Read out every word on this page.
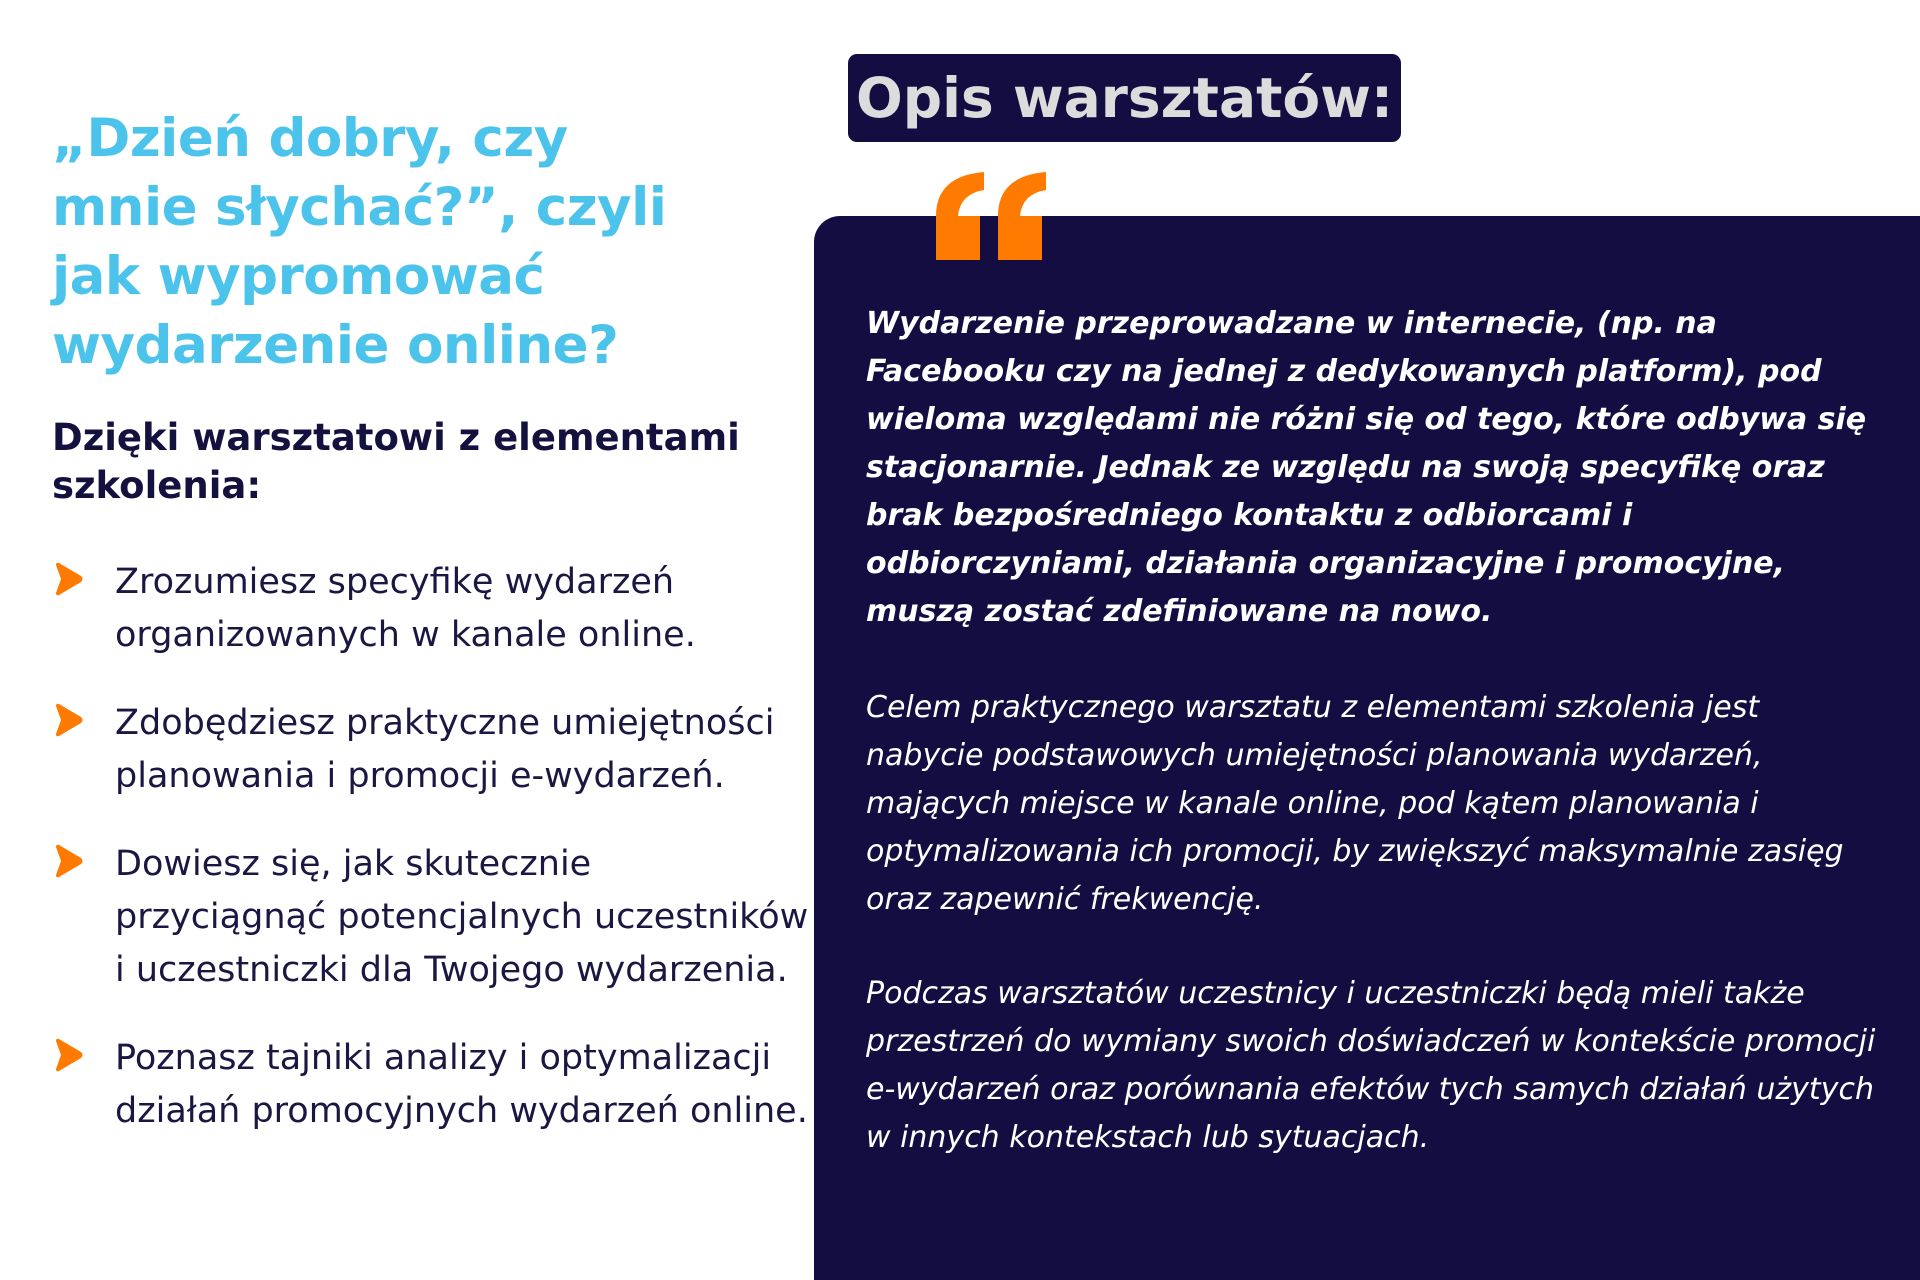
„Dzień dobry, czy mnie słychać?”, czyli jak wypromować wydarzenie online?
Dzięki warsztatowi z elementami szkolenia:
Zrozumiesz specyfikę wydarzeń organizowanych w kanale online.
Zdobędziesz praktyczne umiejętności planowania i promocji e-wydarzeń.
Dowiesz się, jak skutecznie przyciągnąć potencjalnych uczestników i uczestniczki dla Twojego wydarzenia.
Poznasz tajniki analizy i optymalizacji działań promocyjnych wydarzeń online.
Opis warsztatów:

Wydarzenie przeprowadzane w internecie, (np. na Facebooku czy na jednej z dedykowanych platform), pod wieloma względami nie różni się od tego, które odbywa się stacjonarnie. Jednak ze względu na swoją specyfikę oraz brak bezpośredniego kontaktu z odbiorcami i odbiorczyniami, działania organizacyjne i promocyjne, muszą zostać zdefiniowane na nowo.

Celem praktycznego warsztatu z elementami szkolenia jest nabycie podstawowych umiejętności planowania wydarzeń, mających miejsce w kanale online, pod kątem planowania i optymalizowania ich promocji, by zwiększyć maksymalnie zasięg oraz zapewnić frekwencję.

Podczas warsztatów uczestnicy i uczestniczki będą mieli także przestrzeń do wymiany swoich doświadczeń w kontekście promocji e-wydarzeń oraz porównania efektów tych samych działań użytych w innych kontekstach lub sytuacjach.
